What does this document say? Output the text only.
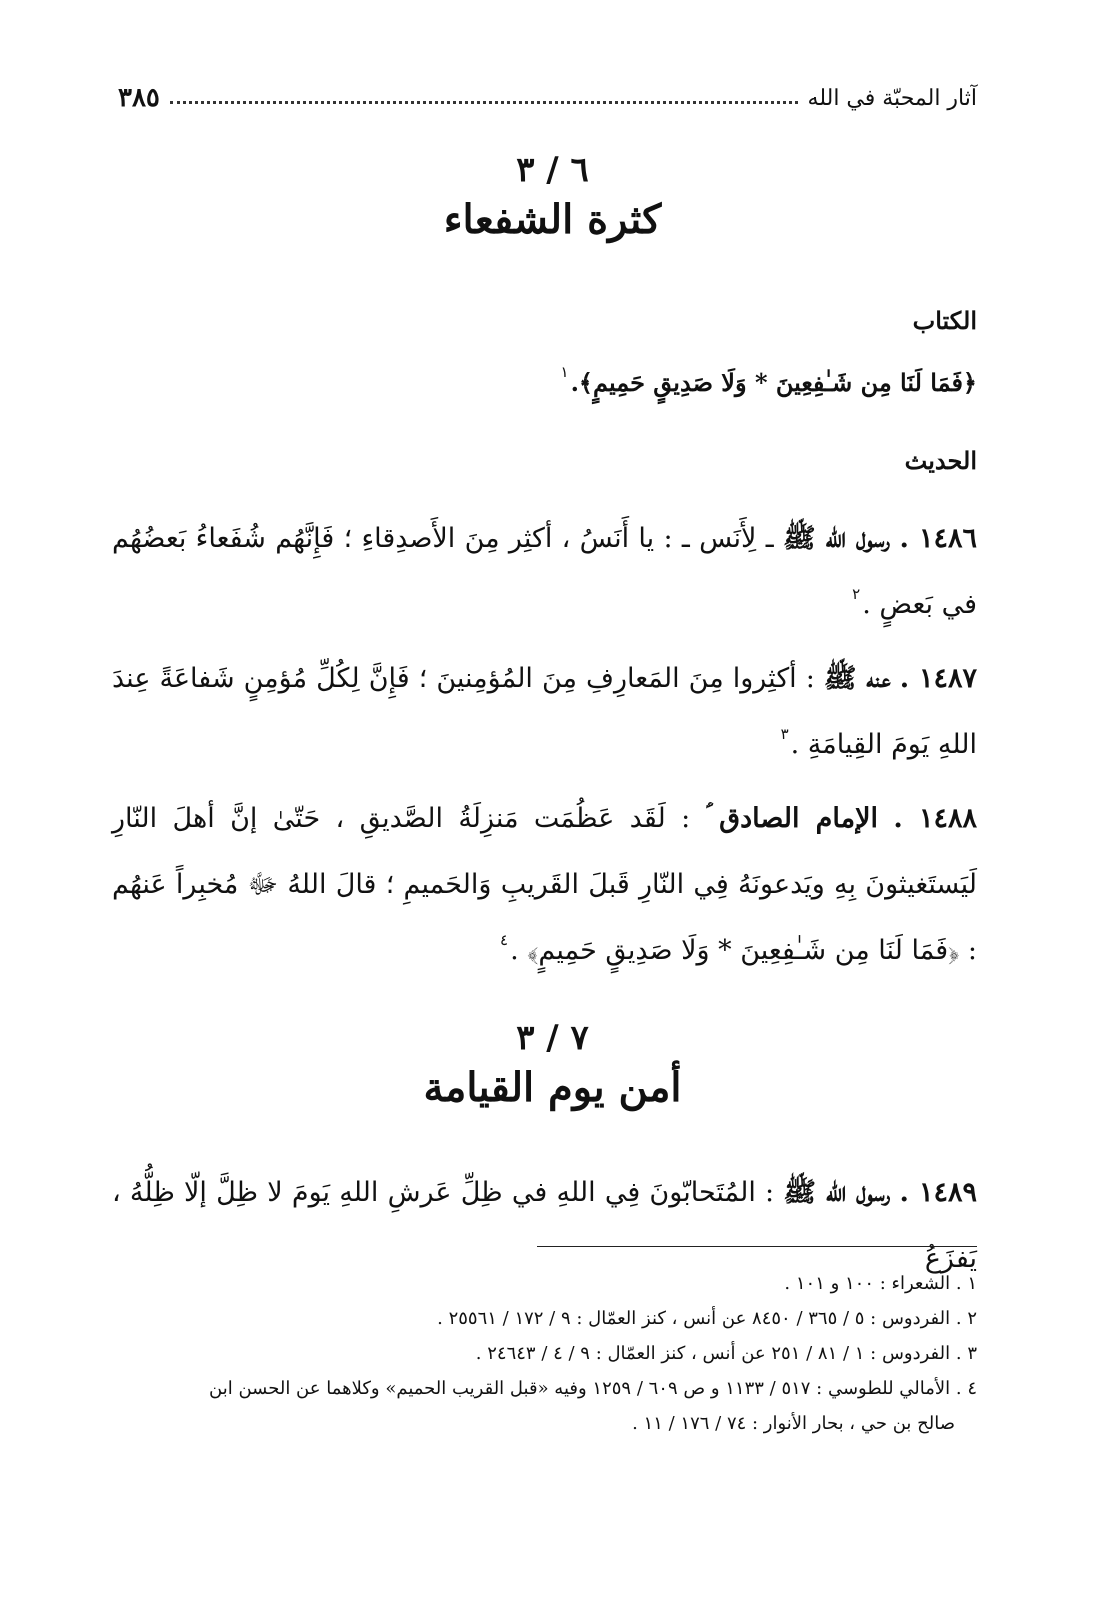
آثار المحبّة في الله
٣٨٥
٦ / ٣
كثرة الشفعاء
الكتاب
﴿فَمَا لَنَا مِن شَـٰفِعِينَ * وَلَا صَدِيقٍ حَمِيمٍ﴾.١
الحديث
١٤٨٦ . رسول الله ﷺ ـ لِأَنَس ـ : يا أَنَسُ ، أكثِر مِنَ الأَصدِقاءِ ؛ فَإِنَّهُم شُفَعاءُ بَعضُهُم في بَعضٍ .$^٢$
١٤٨٧ . عنه ﷺ : أكثِروا مِنَ المَعارِفِ مِنَ المُؤمِنينَ ؛ فَإِنَّ لِكُلِّ مُؤمِنٍ شَفاعَةً عِندَ اللهِ يَومَ القِيامَةِ .$^٣$
١٤٨٨ . الإمام الصادق ؑ : لَقَد عَظُمَت مَنزِلَةُ الصَّديقِ ، حَتّىٰ إنَّ أهلَ النّارِ لَيَستَغيثونَ بِهِ ويَدعونَهُ فِي النّارِ قَبلَ القَريبِ وَالحَميمِ ؛ قالَ اللهُ ﷻ مُخبِراً عَنهُم : ﴿فَمَا لَنَا مِن شَـٰفِعِينَ * وَلَا صَدِيقٍ حَمِيمٍ﴾ .$^٤$
٧ / ٣
أمن يوم القيامة
١٤٨٩ . رسول الله ﷺ : المُتَحابّونَ فِي اللهِ في ظِلِّ عَرشِ اللهِ يَومَ لا ظِلَّ إلّا ظِلُّهُ ، يَفزَعُ
١ . الشعراء : ١٠٠ و ١٠١ .
٢ . الفردوس : ٥ / ٣٦٥ / ٨٤٥٠ عن أنس ، كنز العمّال : ٩ / ١٧٢ / ٢٥٥٦١ .
٣ . الفردوس : ١ / ٨١ / ٢٥١ عن أنس ، كنز العمّال : ٩ / ٤ / ٢٤٦٤٣ .
٤ . الأمالي للطوسي : ٥١٧ / ١١٣٣ و ص ٦٠٩ / ١٢٥٩ وفيه «قبل القريب الحميم» وكلاهما عن الحسن ابن
صالح بن حي ، بحار الأنوار : ٧٤ / ١٧٦ / ١١ .
